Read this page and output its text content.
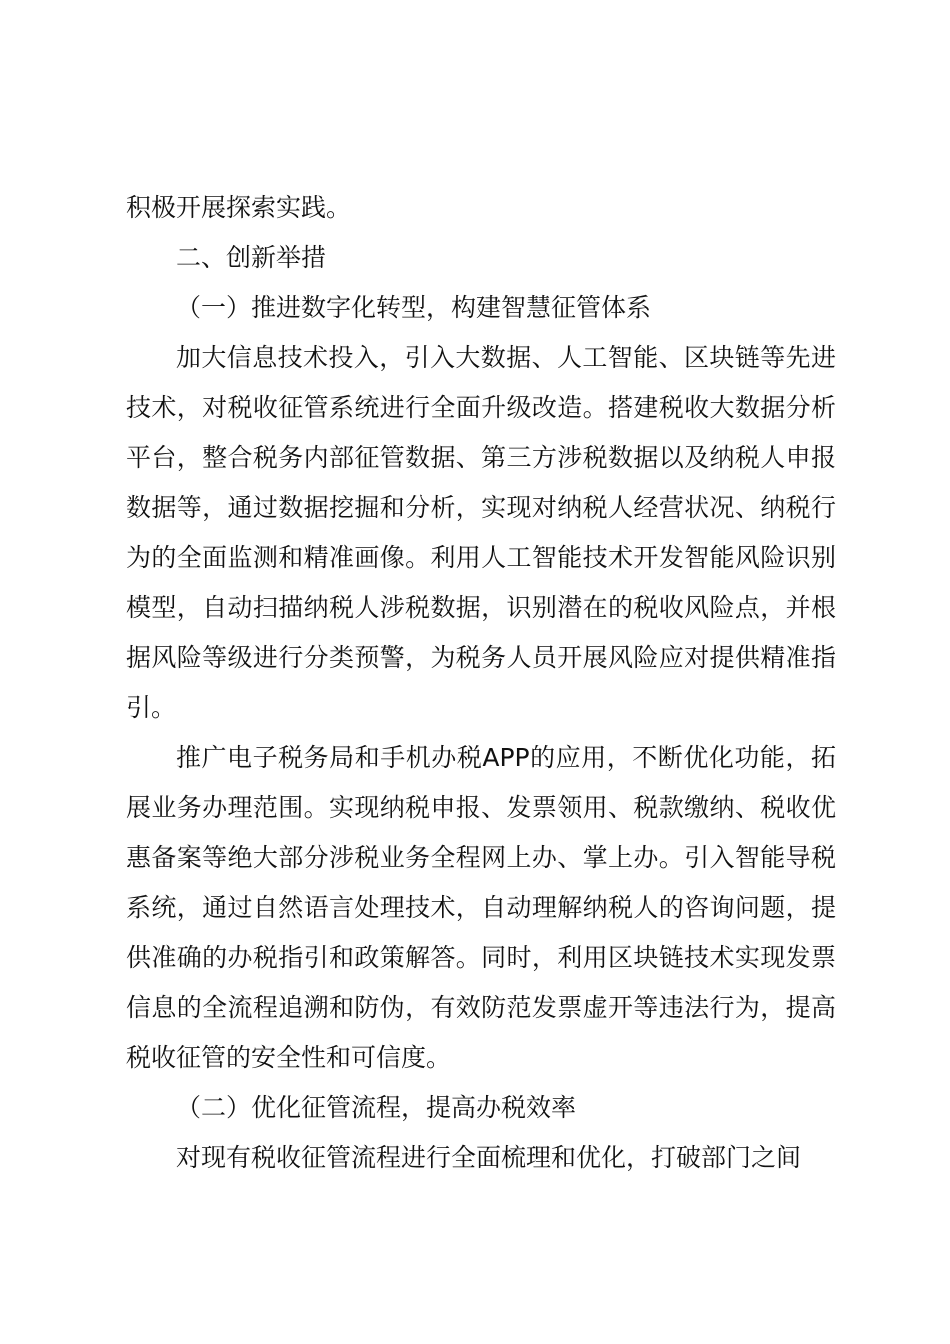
积极开展探索实践。

二、创新举措

（一）推进数字化转型，构建智慧征管体系

加大信息技术投入，引入大数据、人工智能、区块链等先进技术，对税收征管系统进行全面升级改造。搭建税收大数据分析平台，整合税务内部征管数据、第三方涉税数据以及纳税人申报数据等，通过数据挖掘和分析，实现对纳税人经营状况、纳税行为的全面监测和精准画像。利用人工智能技术开发智能风险识别模型，自动扫描纳税人涉税数据，识别潜在的税收风险点，并根据风险等级进行分类预警，为税务人员开展风险应对提供精准指引。

推广电子税务局和手机办税APP的应用，不断优化功能，拓展业务办理范围。实现纳税申报、发票领用、税款缴纳、税收优惠备案等绝大部分涉税业务全程网上办、掌上办。引入智能导税系统，通过自然语言处理技术，自动理解纳税人的咨询问题，提供准确的办税指引和政策解答。同时，利用区块链技术实现发票信息的全流程追溯和防伪，有效防范发票虚开等违法行为，提高税收征管的安全性和可信度。

（二）优化征管流程，提高办税效率

对现有税收征管流程进行全面梳理和优化，打破部门之间
